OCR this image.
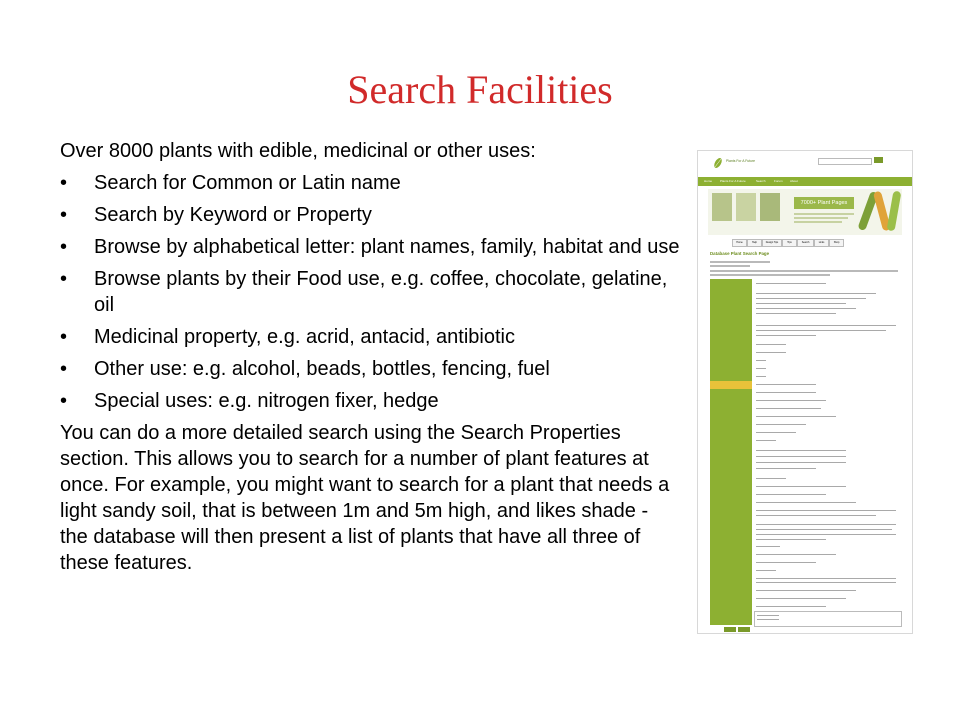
Search Facilities

Over 8000 plants with edible, medicinal or other uses:

• Search for Common or Latin name
• Search by Keyword or Property
• Browse by alphabetical letter: plant names, family, habitat and use
• Browse plants by their Food use, e.g. coffee, chocolate, gelatine, oil
• Medicinal property, e.g. acrid, antacid, antibiotic
• Other use: e.g. alcohol, beads, bottles, fencing, fuel
• Special uses: e.g. nitrogen fixer, hedge

You can do a more detailed search using the Search Properties section. This allows you to search for a number of plant features at once. For example, you might want to search for a plant that needs a light sandy soil, that is between 1m and 5m high, and likes shade - the database will then present a list of plants that have all three of these features.

Plants For A Future
Home	Plants For A Future	Search	Forum About
7000+ Plant Pages
Home	Help	Design Tips	Tips	Search	Links	Shop
Database Plant Search Page
